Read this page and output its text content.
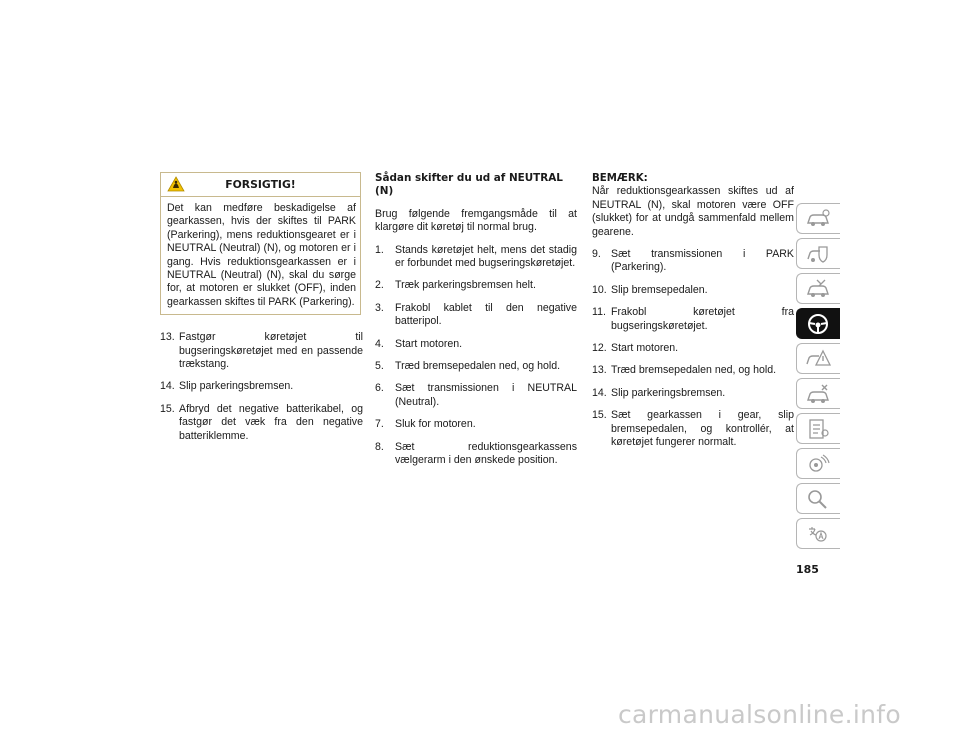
FORSIGTIG!
Det kan medføre beskadigelse af gearkassen, hvis der skiftes til PARK (Parkering), mens reduktionsgearet er i NEUTRAL (Neutral) (N), og motoren er i gang. Hvis reduktionsgearkassen er i NEUTRAL (Neutral) (N), skal du sørge for, at motoren er slukket (OFF), inden gearkassen skiftes til PARK (Parkering).
13. Fastgør køretøjet til bugseringskøretøjet med en passende trækstang.
14. Slip parkeringsbremsen.
15. Afbryd det negative batterikabel, og fastgør det væk fra den negative batteriklemme.
Sådan skifter du ud af NEUTRAL (N)
Brug følgende fremgangsmåde til at klargøre dit køretøj til normal brug.
1. Stands køretøjet helt, mens det stadig er forbundet med bugseringskøretøjet.
2. Træk parkeringsbremsen helt.
3. Frakobl kablet til den negative batteripol.
4. Start motoren.
5. Træd bremsepedalen ned, og hold.
6. Sæt transmissionen i NEUTRAL (Neutral).
7. Sluk for motoren.
8. Sæt reduktionsgearkassens vælgerarm i den ønskede position.
BEMÆRK:
Når reduktionsgearkassen skiftes ud af NEUTRAL (N), skal motoren være OFF (slukket) for at undgå sammenfald mellem gearene.
9. Sæt transmissionen i PARK (Parkering).
10. Slip bremsepedalen.
11. Frakobl køretøjet fra bugseringskøretøjet.
12. Start motoren.
13. Træd bremsepedalen ned, og hold.
14. Slip parkeringsbremsen.
15. Sæt gearkassen i gear, slip bremsepedalen, og kontrollér, at køretøjet fungerer normalt.
185
carmanualsonline.info
